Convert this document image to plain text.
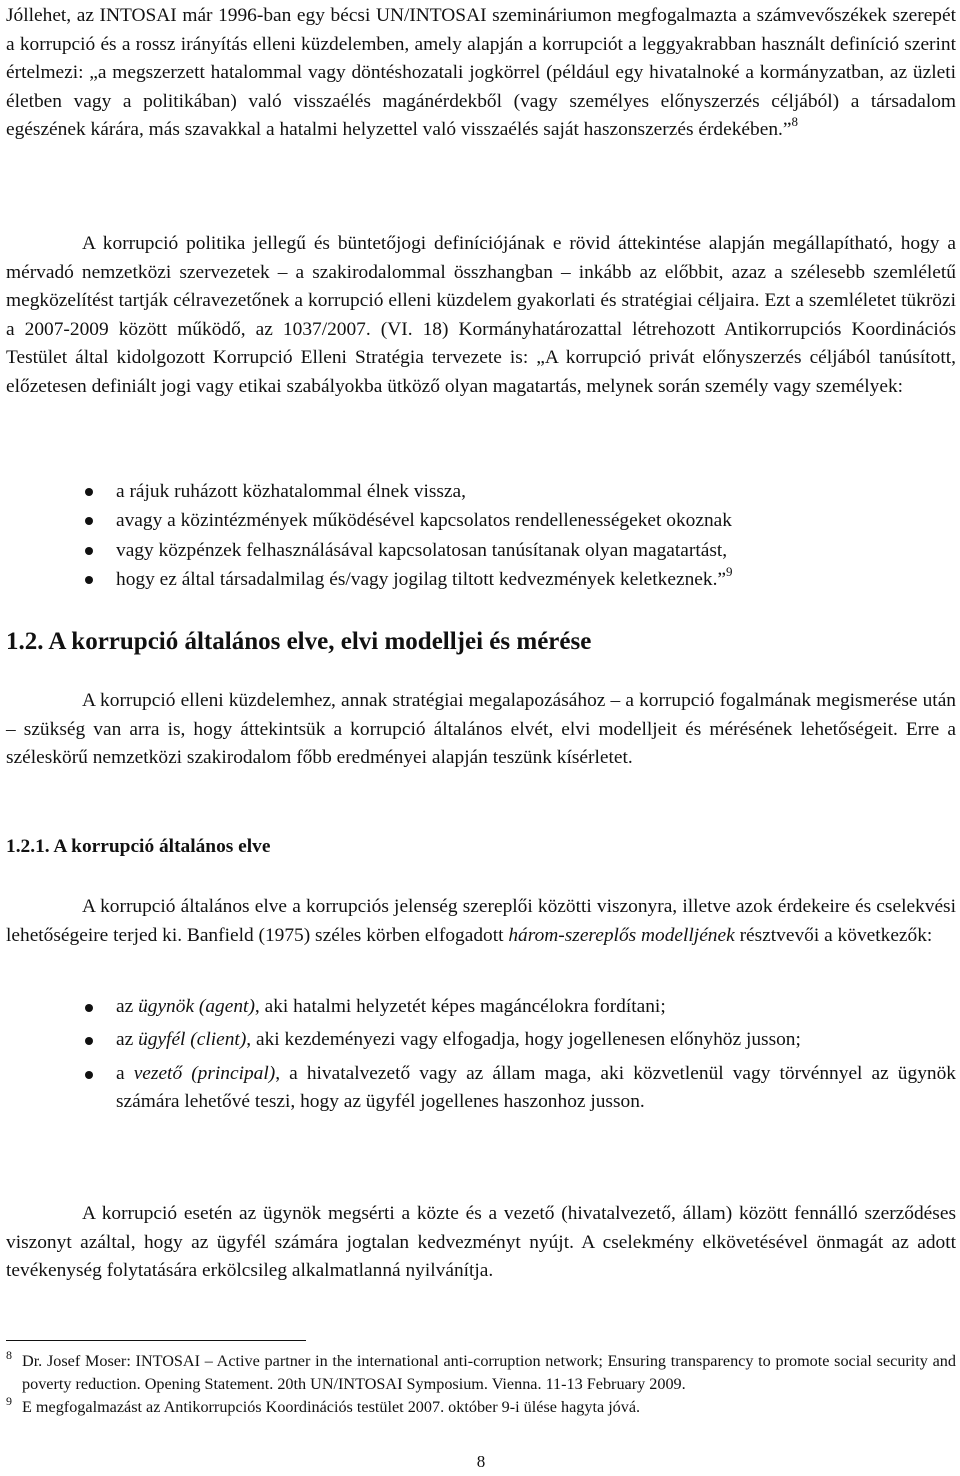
Jóllehet, az INTOSAI már 1996-ban egy bécsi UN/INTOSAI szemináriumon megfogalmazta a számvevőszékek szerepét a korrupció és a rossz irányítás elleni küzdelemben, amely alapján a korrupciót a leggyakrabban használt definíció szerint értelmezi: „a megszerzett hatalommal vagy döntéshozatali jogkörrel (például egy hivatalnoké a kormányzatban, az üzleti életben vagy a politikában) való visszaélés magánérdekből (vagy személyes előnyszerzés céljából) a társadalom egészének kárára, más szavakkal a hatalmi helyzettel való visszaélés saját haszonszerzés érdekében.”$^8$

A korrupció politika jellegű és büntetőjogi definíciójának e rövid áttekintése alapján megállapítható, hogy a mérvadó nemzetközi szervezetek – a szakirodalommal összhangban – inkább az előbbit, azaz a szélesebb szemléletű megközelítést tartják célravezetőnek a korrupció elleni küzdelem gyakorlati és stratégiai céljaira. Ezt a szemléletet tükrözi a 2007-2009 között működő, az 1037/2007. (VI. 18) Kormányhatározattal létrehozott Antikorrupciós Koordinációs Testület által kidolgozott Korrupció Elleni Stratégia tervezete is: „A korrupció privát előnyszerzés céljából tanúsított, előzetesen definiált jogi vagy etikai szabályokba ütköző olyan magatartás, melynek során személy vagy személyek:

a rájuk ruházott közhatalommal élnek vissza,
avagy a közintézmények működésével kapcsolatos rendellenességeket okoznak
vagy közpénzek felhasználásával kapcsolatosan tanúsítanak olyan magatartást,
hogy ez által társadalmilag és/vagy jogilag tiltott kedvezmények keletkeznek.”$^9$
1.2. A korrupció általános elve, elvi modelljei és mérése

A korrupció elleni küzdelemhez, annak stratégiai megalapozásához – a korrupció fogalmának megismerése után – szükség van arra is, hogy áttekintsük a korrupció általános elvét, elvi modelljeit és mérésének lehetőségeit. Erre a széleskörű nemzetközi szakirodalom főbb eredményei alapján teszünk kísérletet.

1.2.1. A korrupció általános elve

A korrupció általános elve a korrupciós jelenség szereplői közötti viszonyra, illetve azok érdekeire és cselekvési lehetőségeire terjed ki. Banfield (1975) széles körben elfogadott három-szereplős modelljének résztvevői a következők:

az ügynök (agent), aki hatalmi helyzetét képes magáncélokra fordítani;
az ügyfél (client), aki kezdeményezi vagy elfogadja, hogy jogellenesen előnyhöz jusson;
a vezető (principal), a hivatalvezető vagy az állam maga, aki közvetlenül vagy törvénnyel az ügynök számára lehetővé teszi, hogy az ügyfél jogellenes haszonhoz jusson.

A korrupció esetén az ügynök megsérti a közte és a vezető (hivatalvezető, állam) között fennálló szerződéses viszonyt azáltal, hogy az ügyfél számára jogtalan kedvezményt nyújt. A cselekmény elkövetésével önmagát az adott tevékenység folytatására erkölcsileg alkalmatlanná nyilvánítja.

8 Dr. Josef Moser: INTOSAI – Active partner in the international anti-corruption network; Ensuring transparency to promote social security and poverty reduction. Opening Statement. 20th UN/INTOSAI Symposium. Vienna. 11-13 February 2009.
9 E megfogalmazást az Antikorrupciós Koordinációs testület 2007. október 9-i ülése hagyta jóvá.
8
